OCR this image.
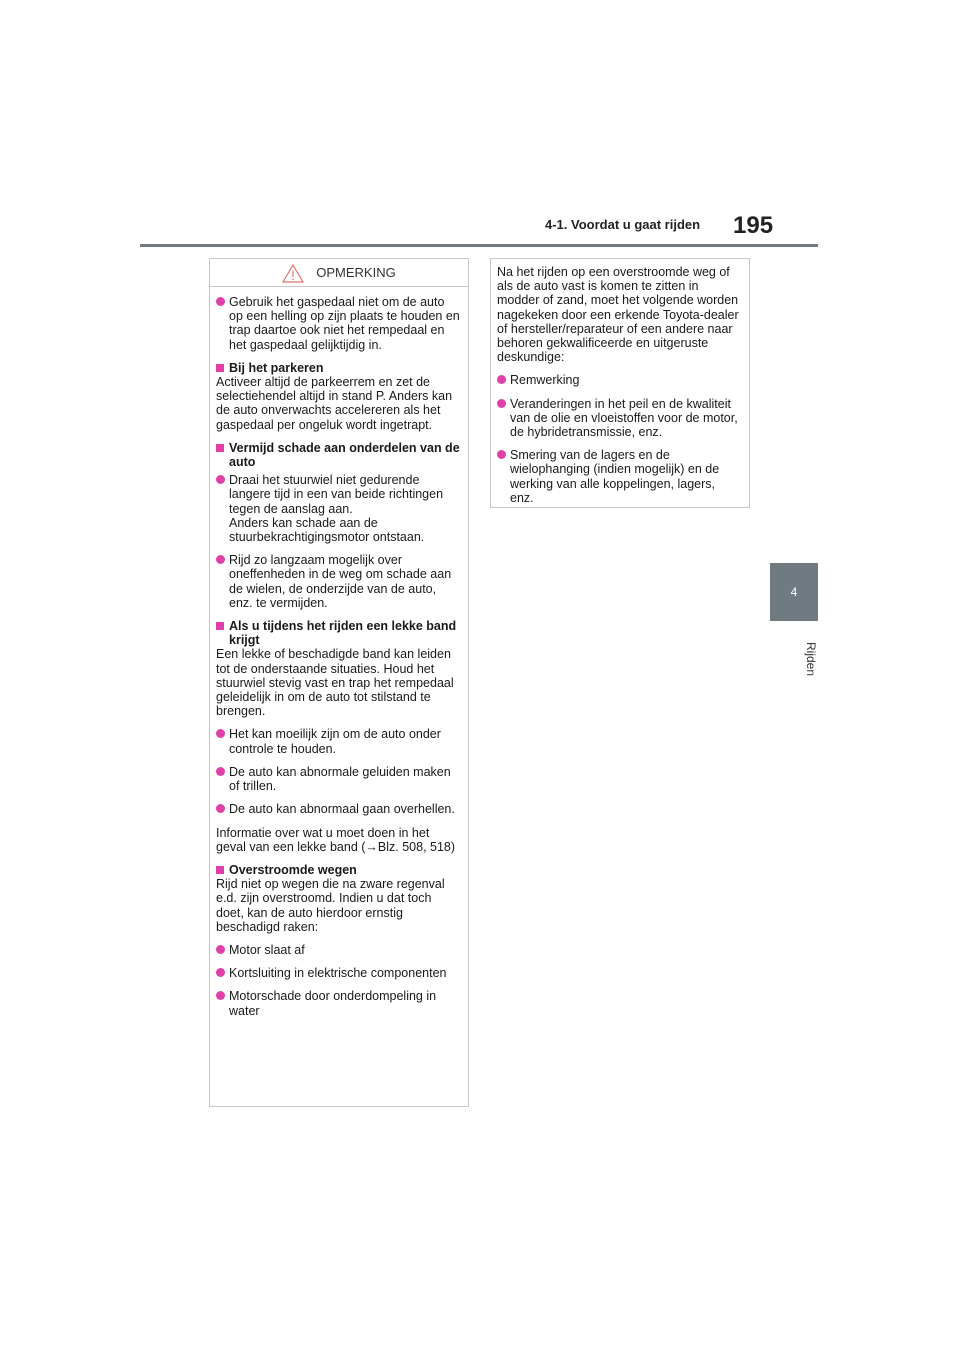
4-1. Voordat u gaat rijden 195
4
Rijden
OPMERKING
Gebruik het gaspedaal niet om de auto op een helling op zijn plaats te houden en trap daartoe ook niet het rempedaal en het gaspedaal gelijktijdig in.
Bij het parkeren
Activeer altijd de parkeerrem en zet de selectiehendel altijd in stand P. Anders kan de auto onverwachts accelereren als het gaspedaal per ongeluk wordt ingetrapt.
Vermijd schade aan onderdelen van de auto
Draai het stuurwiel niet gedurende langere tijd in een van beide richtingen tegen de aanslag aan.
Anders kan schade aan de stuurbekrachtigingsmotor ontstaan.
Rijd zo langzaam mogelijk over oneffenheden in de weg om schade aan de wielen, de onderzijde van de auto, enz. te vermijden.
Als u tijdens het rijden een lekke band krijgt
Een lekke of beschadigde band kan leiden tot de onderstaande situaties. Houd het stuurwiel stevig vast en trap het rempedaal geleidelijk in om de auto tot stilstand te brengen.
Het kan moeilijk zijn om de auto onder controle te houden.
De auto kan abnormale geluiden maken of trillen.
De auto kan abnormaal gaan overhellen.
Informatie over wat u moet doen in het geval van een lekke band (→Blz. 508, 518)
Overstroomde wegen
Rijd niet op wegen die na zware regenval e.d. zijn overstroomd. Indien u dat toch doet, kan de auto hierdoor ernstig beschadigd raken:
Motor slaat af
Kortsluiting in elektrische componenten
Motorschade door onderdompeling in water
Na het rijden op een overstroomde weg of als de auto vast is komen te zitten in modder of zand, moet het volgende worden nagekeken door een erkende Toyota-dealer of hersteller/reparateur of een andere naar behoren gekwalificeerde en uitgeruste deskundige:
Remwerking
Veranderingen in het peil en de kwaliteit van de olie en vloeistoffen voor de motor, de hybridetransmissie, enz.
Smering van de lagers en de wielophanging (indien mogelijk) en de werking van alle koppelingen, lagers, enz.
